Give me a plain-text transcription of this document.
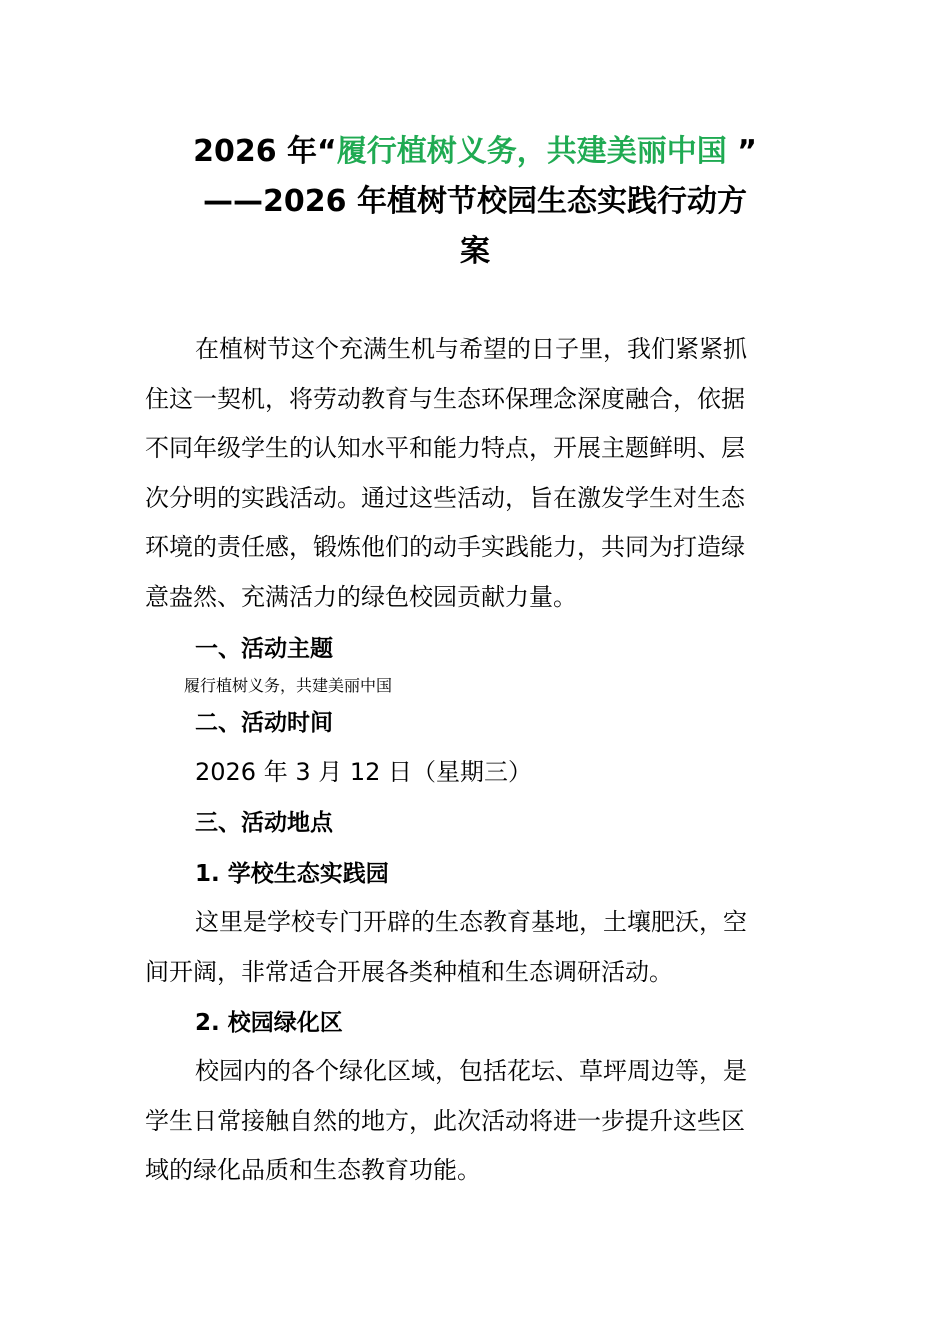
2026 年“履行植树义务，共建美丽中国 ”
——2026 年植树节校园生态实践行动方
案
在植树节这个充满生机与希望的日子里，我们紧紧抓
住这一契机，将劳动教育与生态环保理念深度融合，依据
不同年级学生的认知水平和能力特点，开展主题鲜明、层
次分明的实践活动。通过这些活动，旨在激发学生对生态
环境的责任感，锻炼他们的动手实践能力，共同为打造绿
意盎然、充满活力的绿色校园贡献力量。
一、活动主题
履行植树义务，共建美丽中国
二、活动时间
2026 年 3 月 12 日（星期三）
三、活动地点
1. 学校生态实践园
这里是学校专门开辟的生态教育基地，土壤肥沃，空
间开阔，非常适合开展各类种植和生态调研活动。
2. 校园绿化区
校园内的各个绿化区域，包括花坛、草坪周边等，是
学生日常接触自然的地方，此次活动将进一步提升这些区
域的绿化品质和生态教育功能。
